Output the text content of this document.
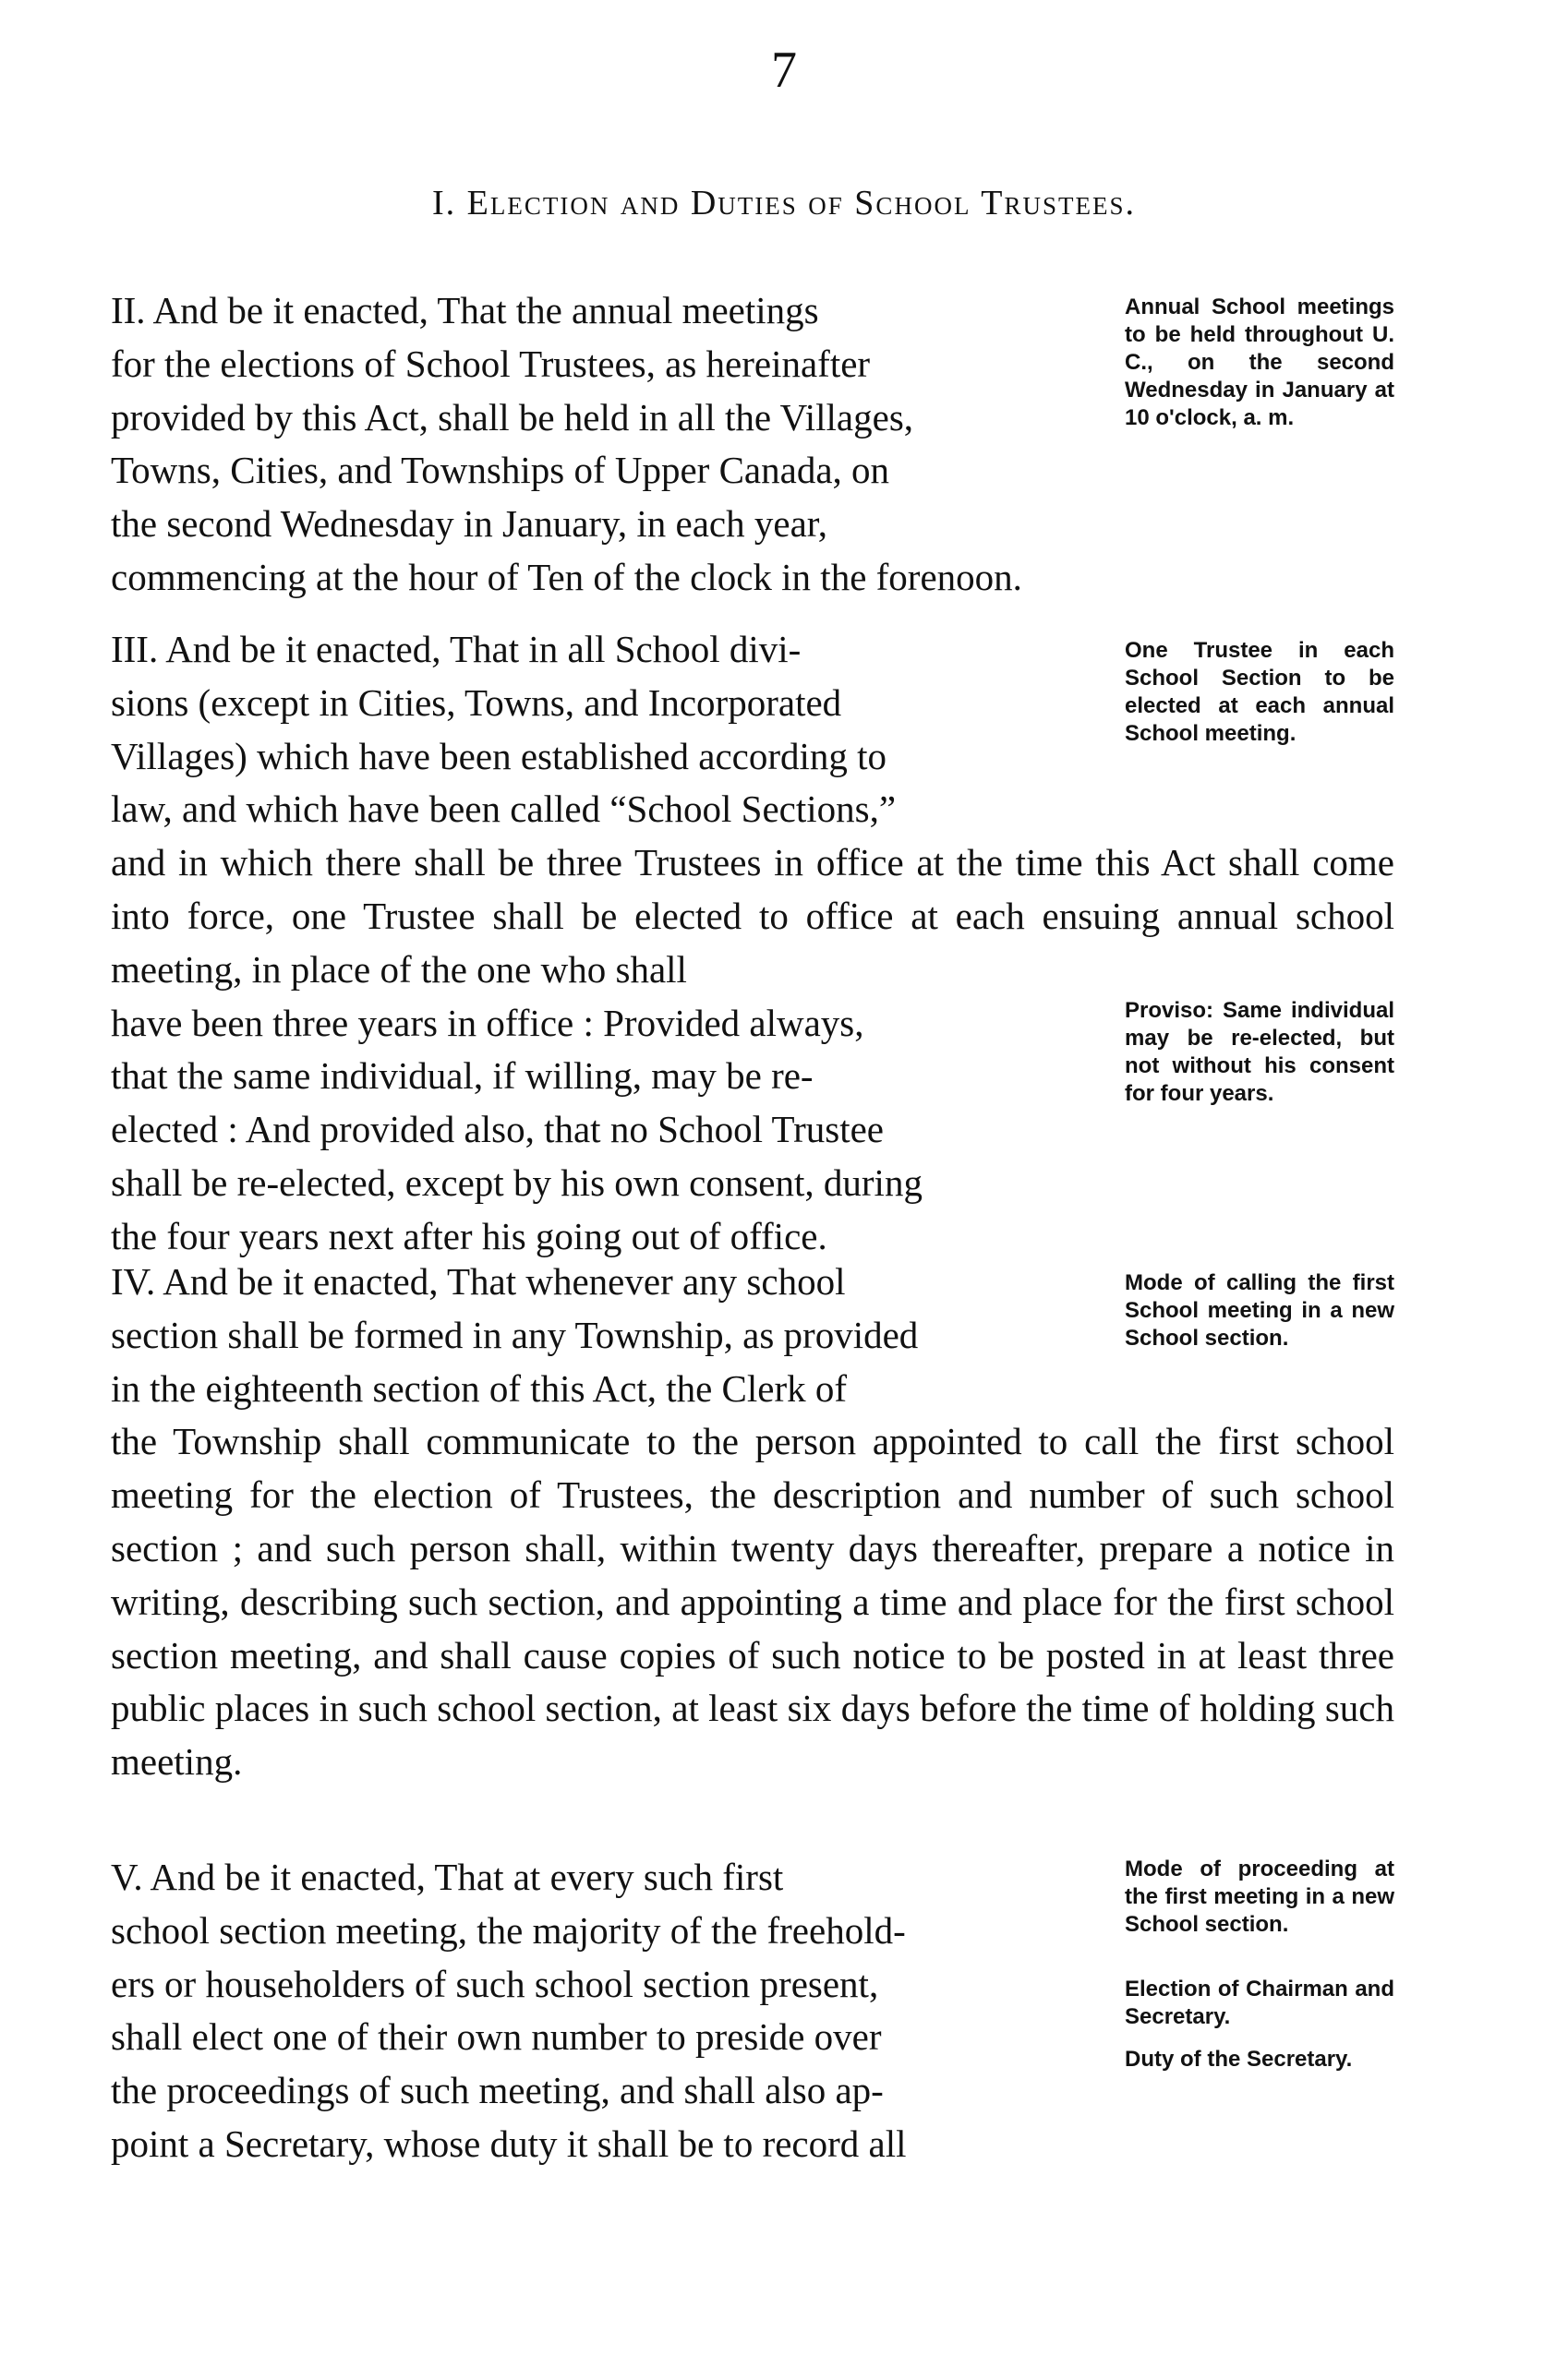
7
I. Election and Duties of School Trustees.

II. And be it enacted, That the annual meetings
for the elections of School Trustees, as hereinafter
provided by this Act, shall be held in all the Villages,
Towns, Cities, and Townships of Upper Canada, on
the second Wednesday in January, in each year,
commencing at the hour of Ten of the clock in the forenoon.

Annual School meetings to be held throughout U. C., on the second Wednesday in January at 10 o'clock, a. m.

III. And be it enacted, That in all School divi-
sions (except in Cities, Towns, and Incorporated
Villages) which have been established according to
law, and which have been called “School Sections,”
and in which there shall be three Trustees in office at the time this Act shall come into force, one Trustee shall be elected to office at each ensuing annual school meeting, in place of the one who shall
have been three years in office : Provided always,
that the same individual, if willing, may be re-
elected : And provided also, that no School Trustee
shall be re-elected, except by his own consent, during
the four years next after his going out of office.

One Trustee in each School Section to be elected at each annual School meeting.

Proviso: Same individual may be re-elected, but not without his consent for four years.

IV. And be it enacted, That whenever any school
section shall be formed in any Township, as provided
in the eighteenth section of this Act, the Clerk of
the Township shall communicate to the person appointed to call the first school meeting for the election of Trustees, the description and number of such school section ; and such person shall, within twenty days thereafter, prepare a notice in writing, describing such section, and appointing a time and place for the first school section meeting, and shall cause copies of such notice to be posted in at least three public places in such school section, at least six days before the time of holding such meeting.

Mode of calling the first School meeting in a new School section.

V. And be it enacted, That at every such first
school section meeting, the majority of the freehold-
ers or householders of such school section present,
shall elect one of their own number to preside over
the proceedings of such meeting, and shall also ap-
point a Secretary, whose duty it shall be to record all

Mode of proceeding at the first meeting in a new School section.

Election of Chairman and Secretary.

Duty of the Secretary.
